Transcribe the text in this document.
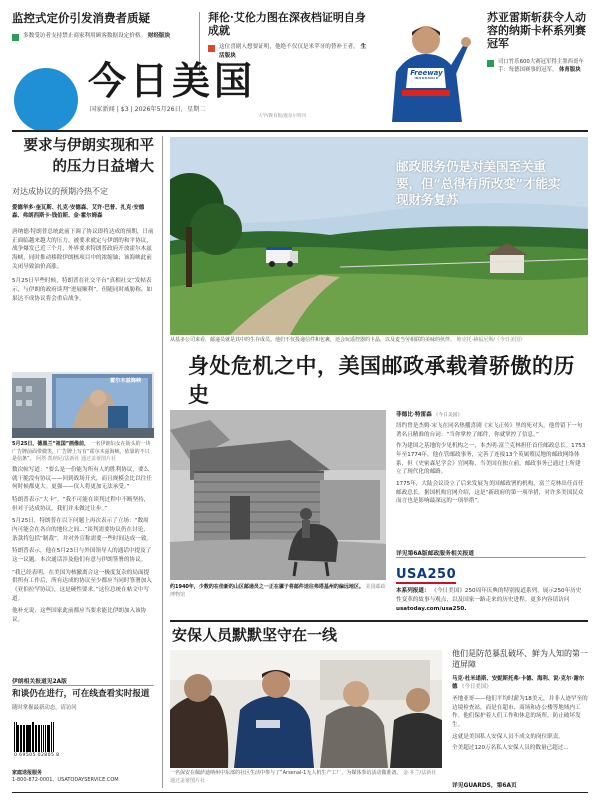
监控式定价引发消费者质疑
多数受访者支持禁止商家利用顾客数据设定价格。 财经版块
拜伦·艾伦力图在深夜档证明自身成就
这位喜剧人想要证明，他绝不仅仅是米苹牙的替补王者。 生活版块
Freeway
INSURANCE
苏亚雷斯斩获令人动容的纳斯卡杯系列赛冠军
司口竹乐600大赛冠军得主墨西哥车手：每德国赛事的冠军。 体育版块
今日美国
国家新闻 | $3 | 2026年5月26日，星期二
大学/教育版/康奈尔特刊
要求与伊朗实现和平的压力日益增大
对达成协议的预期冷热不定
爱德华多·奎瓦斯、扎克·安德森、艾许·巴普、扎克·安德森、弗朗西斯卡·钱伯斯、金·霍尔姆森
唐纳德·特朗普总统此前下调了协议即将达成的预期，日前正面临越来越大的压力，被要求就定与伊朗的和平协议，战争爆发已近三个月，外界要求特朗普政府开放霍尔木兹海峡，同时推动移除伊朗核项目中的浓缩铀；该海峡此前关闭导致油价高涨。
5月25日早些时候，特朗普在社交平台“真相社交”发帖表示，与伊朗的政府谈判“进展顺利”，但随同时威胁称，如果达不成协议将会重启战争。
霍尔木兹海峡
5月25日，德黑兰“祖国”画像前， 一名伊朗妇女在街头的一块广告牌前面带微笑，广告牌上写有“霍尔木兹海峡，依靠的不只是信条”。 阿塔·凯纳尼/法新社 通过盖蒂图片社
数次帖写道：“要么是一份能为所有人的胜利协议，要么就干脆没有协议——回到战场开火，而且规模会比以往任何时候都更大。更强——仅人将更加无法承受。”
特朗普表示“大卡”。“我不可能在谈判过程中不断坚持，但对于达成协议，我们并未做过让步。”
5月25日，特朗普在以下问题上再次表示了立场：“数周内可能会在各自的地位之间...”谈判需要协议仍在讨论，条款将包括“制裁”，并对外宣称需要一些时间达成一致。
特朗普表示，他在5月23日与外国领导人的通话中提及了这一议题。本次通话涉及他们有意与伊朗签署的协议。
“我已经表明，在美国为核撤离合这一极度复杂的局面提供所有工作后，所有达成的协议至少都应当同时签署加入《亚伯拉罕协议》，这是硬性要求。”这位总统在帖文中写道。
他补充说，这些国家此前都应当要求能比伊朗加入该协议。
伊朗相关报道见2A版
和谈仍在进行，可在线查看实时报道
随时掌握最新动态，请访问
0 69505 02805 8
家庭送报服务
1-800-872-0001、USATODAYSERVICE.COM
邮政服务仍是对美国至关重要，但“总得有所改变”才能实现财务复苏
从基多公司来看，邮递员就是其中的生存成员。他们不仅投递信件和包裹，还会玩遥控器的卡晶，以及麦当劳相联的美味的伙伴。 维克托·赫福尼斯/《今日美国》
身处危机之中，美国邮政承载着骄傲的历史
约1940年，少数的在佳新的山区邮递员之一正在骡子将邮件送往弗塔基州的偏远地区。 美国邮政博物馆
菲德比·特雷森 《今日美国》
纽约曾是杰姆·宋飞在同名热播喜剧《宋飞正传》里的死对头。他曾留下一句著名且精准的台词：“当你掌控了邮件，你就掌控了信息。”
作为建国之基地的少见机构之一，本杰明·富兰克林担任首任邮政总长。1753年至1774年，他在管邮政事务，完善了连接13个英属殖民地的邮政网络体系，但《史密森尼学会》官网称，当美国在独立前，邮政事务已通过上所建立了现代化的邮路。
1775年，大陆会议设立了后来发展为美国邮政署的机构，富兰克林出任首任邮政总长。据国机构官网介绍，这是“新政府的第一项举措，对许多美国民众而言也是影响最深远的一项举措”。
详见第6A版邮政服务相关报道
USA250
本系列报道： 《今日美国》250周年庆典的特别报道系列，展示250年历史性变革的故事与观点，以及国家一路走来的历史进程。更多内容请访问 usatoday.com/usa250.
安保人员默默坚守在一线
一名保安在佩萨迪纳州中东部的社区生活中参与了“Arsenal-1无人机生产工厂，为媒体参访活动做准备。 金·本兰/法新社 通过盖蒂图片社
他们是防范暴乱破坏、鲜为人知的第一道屏障
马克·杜米诺斯、安妮斯托弗·卡德、海利、说·克尔·谢尔德 《今日美国》
圣地亚哥——他们平均时薪为18美元，并非人迹罕至的边境检查站，而是在超市、商场和办公楼等地域内工作。他们保护着人们工作和休息的场所，防止破坏发生。
这就是美国私人安保人员不成文的岗位职责。
全美超过120万名私人安保人员的数量已超过...
详见GUARDS，第6A页
